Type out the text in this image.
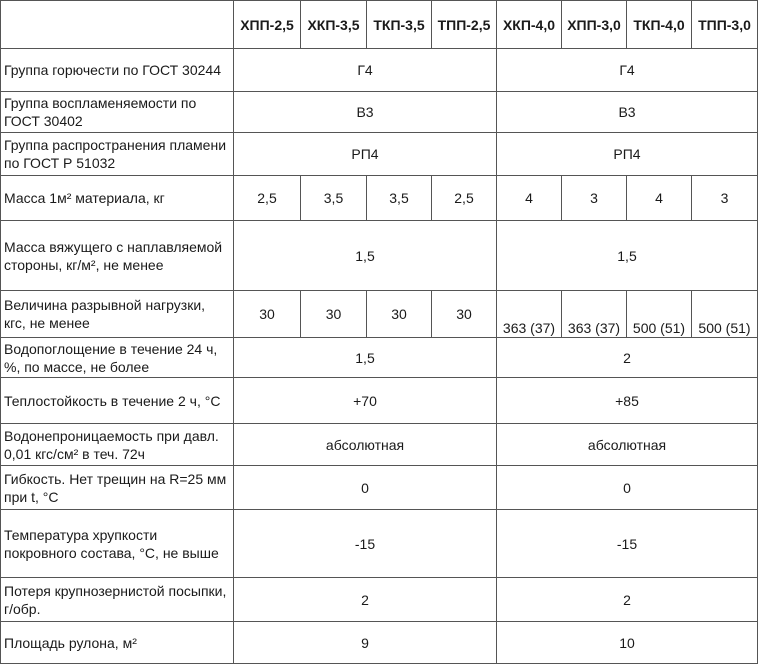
	ХПП-2,5	ХКП-3,5	ТКП-3,5	ТПП-2,5	ХКП-4,0	ХПП-3,0	ТКП-4,0	ТПП-3,0
Группа горючести по ГОСТ 30244	Г4				Г4			
Группа воспламеняемости по ГОСТ 30402	В3				В3			
Группа распространения пламени по ГОСТ Р 51032	РП4				РП4			
Масса 1м² материала, кг	2,5	3,5	3,5	2,5	4	3	4	3
Масса вяжущего с наплавляемой стороны, кг/м², не менее	1,5				1,5			
Величина разрывной нагрузки, кгс, не менее	30	30	30	30	363 (37)	363 (37)	500 (51)	500 (51)
Водопоглощение в течение 24 ч, %, по массе, не более	1,5				2			
Теплостойкость в течение 2 ч, °С	+70				+85			
Водонепроницаемость при давл. 0,01 кгс/см² в теч. 72ч	абсолютная				абсолютная			
Гибкость. Нет трещин на R=25 мм при t, °С	0				0			
Температура хрупкости покровного состава, °С, не выше	-15				-15			
Потеря крупнозернистой посыпки, г/обр.	2				2			
Площадь рулона, м²	9				10			
